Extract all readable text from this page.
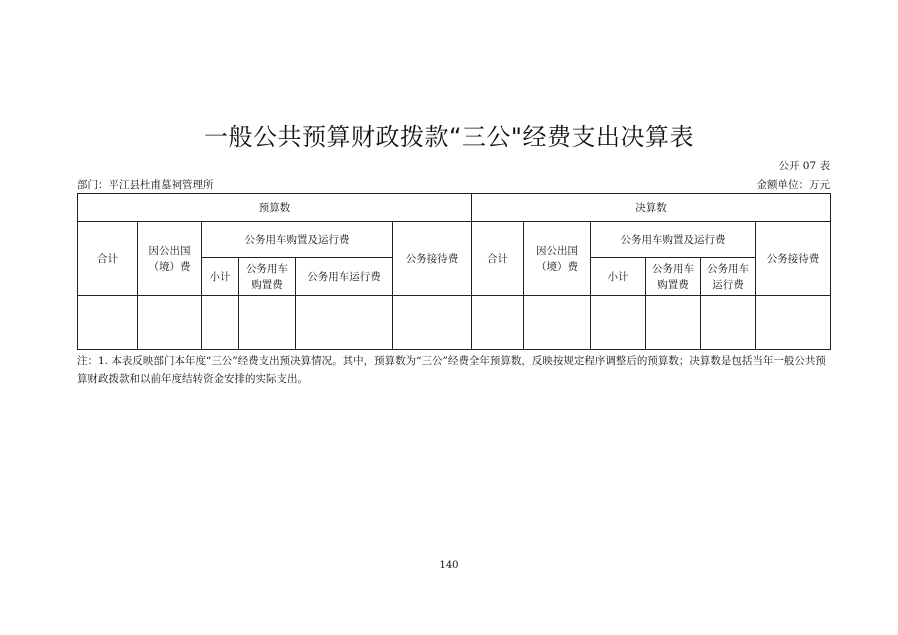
一般公共预算财政拨款“三公"经费支出决算表
公开 07 表
部门：平江县杜甫墓祠管理所	金额单位：万元
预算数						决算数					
合计	因公出国（境）费	公务用车购置及运行费			公务接待费	合计	因公出国（境）费	公务用车购置及运行费			公务接待费
		小计	公务用车购置费	公务用车运行费				小计	公务用车购置费	公务用车运行费	

注：1. 本表反映部门本年度“三公”经费支出预决算情况。其中，预算数为“三公”经费全年预算数，反映按规定程序调整后的预算数；决算数是包括当年一般公共预算财政拨款和以前年度结转资金安排的实际支出。
140
